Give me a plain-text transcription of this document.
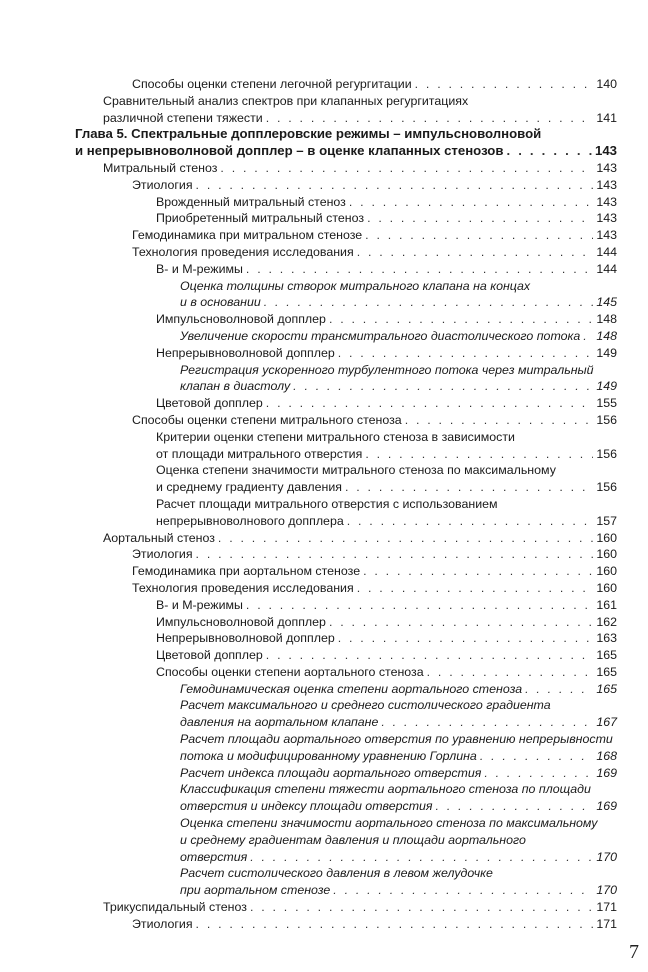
Способы оценки степени легочной регургитации . . .	140
Сравнительный анализ спектров при клапанных регургитациях
различной степени тяжести . . .	141
Глава 5. Спектральные допплеровские режимы – импульсноволновой
и непрерывноволновой допплер – в оценке клапанных стенозов . . .	143
Митральный стеноз . . .	143
Этиология . . .	143
Врожденный митральный стеноз . . .	143
Приобретенный митральный стеноз . . .	143
Гемодинамика при митральном стенозе . . .	143
Технология проведения исследования . . .	144
В- и М-режимы . . .	144
Оценка толщины створок митрального клапана на концах
и в основании . . .	145
Импульсноволновой допплер . . .	148
Увеличение скорости трансмитрального диастолического потока . . . 148
Непрерывноволновой допплер . . .	149
Регистрация ускоренного турбулентного потока через митральный
клапан в диастолу . . .	149
Цветовой допплер . . .	155
Способы оценки степени митрального стеноза . . .	156
Критерии оценки степени митрального стеноза в зависимости
от площади митрального отверстия . . .	156
Оценка степени значимости митрального стеноза по максимальному
и среднему градиенту давления . . .	156
Расчет площади митрального отверстия с использованием
непрерывноволнового допплера . . .	157
Аортальный стеноз . . .	160
Этиология . . .	160
Гемодинамика при аортальном стенозе . . .	160
Технология проведения исследования . . .	160
В- и М-режимы . . .	161
Импульсноволновой допплер . . .	162
Непрерывноволновой допплер . . .	163
Цветовой допплер . . .	165
Способы оценки степени аортального стеноза . . .	165
Гемодинамическая оценка степени аортального стеноза . . .	165
Расчет максимального и среднего систолического градиента
давления на аортальном клапане . . .	167
Расчет площади аортального отверстия по уравнению непрерывности
потока и модифицированному уравнению Горлина . . .	168
Расчет индекса площади аортального отверстия . . .	169
Классификация степени тяжести аортального стеноза по площади
отверстия и индексу площади отверстия . . .	169
Оценка степени значимости аортального стеноза по максимальному
и среднему градиентам давления и площади аортального
отверстия . . .	170
Расчет систолического давления в левом желудочке
при аортальном стенозе . . .	170
Трикуспидальный стеноз . . .	171
Этиология . . .	171
7
